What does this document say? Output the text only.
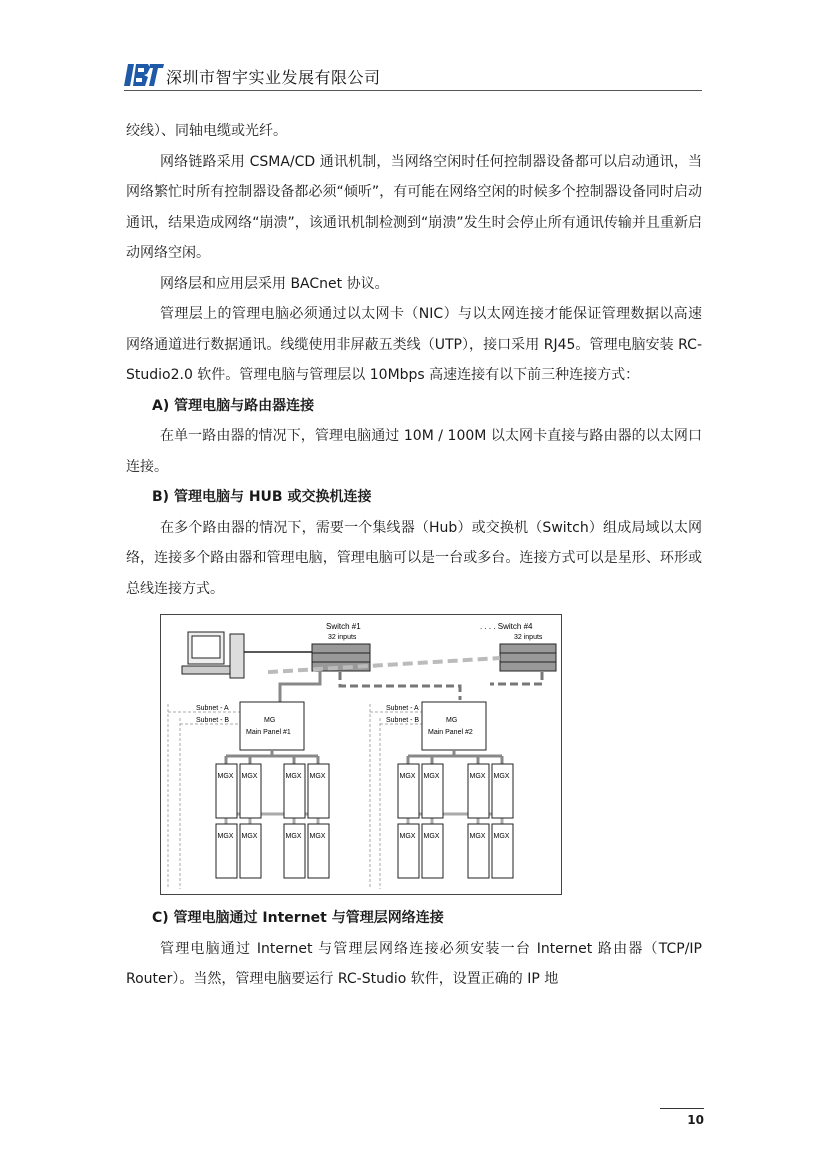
深圳市智宇实业发展有限公司

绞线）、同轴电缆或光纤。

网络链路采用 CSMA/CD 通讯机制，当网络空闲时任何控制器设备都可以启动通讯，当网络繁忙时所有控制器设备都必须“倾听”，有可能在网络空闲的时候多个控制器设备同时启动通讯，结果造成网络“崩溃”，该通讯机制检测到“崩溃”发生时会停止所有通讯传输并且重新启动网络空闲。

网络层和应用层采用 BACnet 协议。

管理层上的管理电脑必须通过以太网卡（NIC）与以太网连接才能保证管理数据以高速网络通道进行数据通讯。线缆使用非屏蔽五类线（UTP），接口采用 RJ45。管理电脑安装 RC-Studio2.0 软件。管理电脑与管理层以 10Mbps 高速连接有以下前三种连接方式：

A) 管理电脑与路由器连接

在单一路由器的情况下，管理电脑通过 10M / 100M 以太网卡直接与路由器的以太网口连接。

B) 管理电脑与 HUB 或交换机连接

在多个路由器的情况下，需要一个集线器（Hub）或交换机（Switch）组成局域以太网络，连接多个路由器和管理电脑，管理电脑可以是一台或多台。连接方式可以是星形、环形或总线连接方式。

Switch #1
32 inputs
. . . . Switch #4
32 inputs
Subnet - A
Subnet - B
Subnet - A
Subnet - B
MG
Main Panel #1
MG
Main Panel #2
MGX MGX	MGX MGX	MGX MGX	MGX MGX
MGX MGX	MGX MGX	MGX MGX	MGX MGX

C) 管理电脑通过 Internet 与管理层网络连接

管理电脑通过 Internet 与管理层网络连接必须安装一台 Internet 路由器（TCP/IP Router）。当然，管理电脑要运行 RC-Studio 软件，设置正确的 IP 地

10
